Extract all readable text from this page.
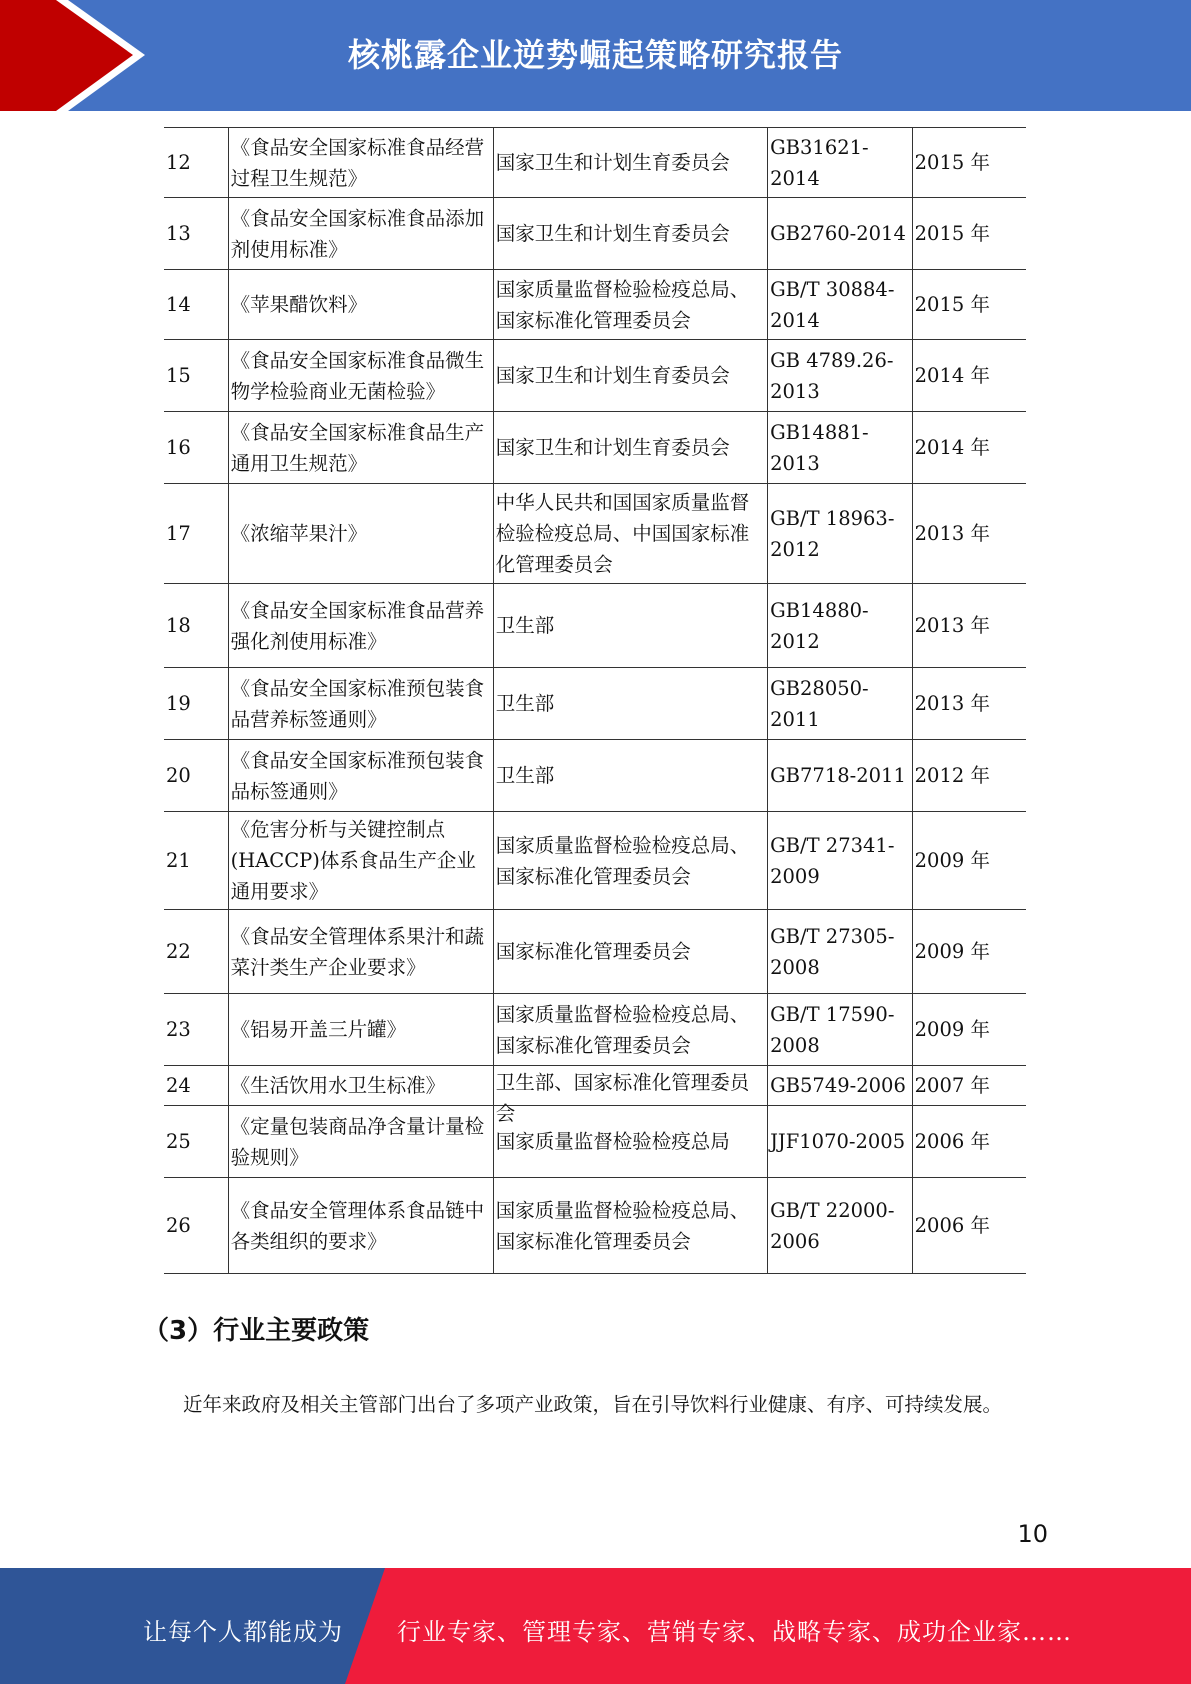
核桃露企业逆势崛起策略研究报告
12	《食品安全国家标准食品经营过程卫生规范》	国家卫生和计划生育委员会	GB31621-2014	2015 年

13	《食品安全国家标准食品添加剂使用标准》	国家卫生和计划生育委员会	GB2760-2014	2015 年

14	《苹果醋饮料》	国家质量监督检验检疫总局、国家标准化管理委员会	GB/T 30884-2014	2015 年

15	《食品安全国家标准食品微生物学检验商业无菌检验》	国家卫生和计划生育委员会	GB 4789.26-2013	2014 年

16	《食品安全国家标准食品生产通用卫生规范》	国家卫生和计划生育委员会	GB14881-2013	2014 年

17	《浓缩苹果汁》	中华人民共和国国家质量监督检验检疫总局、中国国家标准化管理委员会	GB/T 18963-2012	2013 年

18	《食品安全国家标准食品营养强化剂使用标准》	卫生部	GB14880-2012	2013 年

19	《食品安全国家标准预包装食品营养标签通则》	卫生部	GB28050-2011	2013 年

20	《食品安全国家标准预包装食品标签通则》	卫生部	GB7718-2011	2012 年

21	《危害分析与关键控制点(HACCP)体系食品生产企业通用要求》	国家质量监督检验检疫总局、国家标准化管理委员会	GB/T 27341-2009	2009 年

22	《食品安全管理体系果汁和蔬菜汁类生产企业要求》	国家标准化管理委员会	GB/T 27305-2008	2009 年

23	《铝易开盖三片罐》	国家质量监督检验检疫总局、国家标准化管理委员会	GB/T 17590-2008	2009 年

24	《生活饮用水卫生标准》	卫生部、国家标准化管理委员会	GB5749-2006	2007 年

25	《定量包装商品净含量计量检验规则》	国家质量监督检验检疫总局	JJF1070-2005	2006 年

26	《食品安全管理体系食品链中各类组织的要求》	国家质量监督检验检疫总局、国家标准化管理委员会	GB/T 22000-2006	2006 年
（3）行业主要政策
近年来政府及相关主管部门出台了多项产业政策，旨在引导饮料行业健康、有序、可持续发展。
10
让每个人都能成为 行业专家、管理专家、营销专家、战略专家、成功企业家……
